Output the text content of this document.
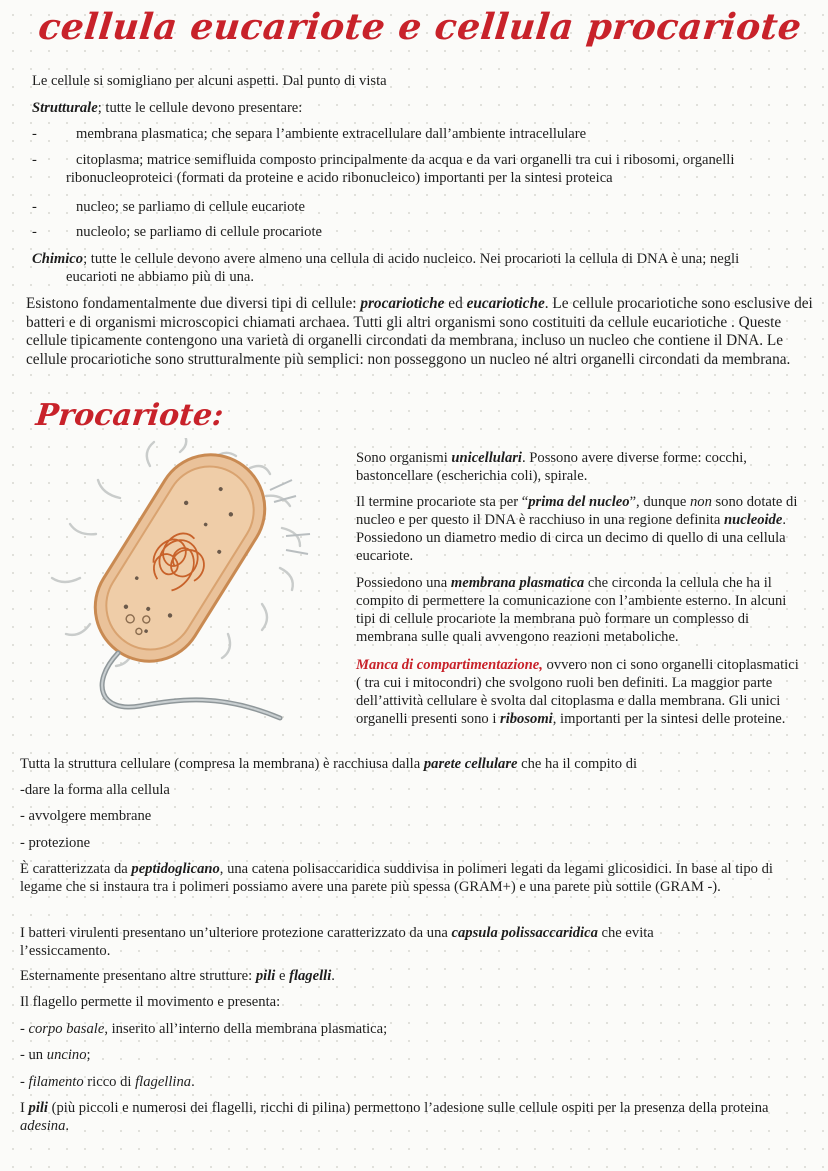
cellula eucariote e cellula procariote

Le cellule si somigliano per alcuni aspetti. Dal punto di vista

Strutturale; tutte le cellule devono presentare:

-	membrana plasmatica; che separa l’ambiente extracellulare dall’ambiente intracellulare

-	citoplasma; matrice semifluida composto principalmente da acqua e da vari organelli tra cui i ribosomi, organelli

ribonucleoproteici (formati da proteine e acido ribonucleico) importanti per la sintesi proteica

-	nucleo; se parliamo di cellule eucariote

-	nucleolo; se parliamo di cellule procariote

Chimico; tutte le cellule devono avere almeno una cellula di acido nucleico. Nei procarioti la cellula di DNA è una; negli

eucarioti ne abbiamo più di una.

Esistono fondamentalmente due diversi tipi di cellule: procariotiche ed eucariotiche. Le cellule procariotiche sono esclusive dei batteri e di organismi microscopici chiamati archaea. Tutti gli altri organismi sono costituiti da cellule eucariotiche . Queste cellule tipicamente contengono una varietà di organelli circondati da membrana, incluso un nucleo che contiene il DNA. Le cellule procariotiche sono strutturalmente più semplici: non posseggono un nucleo né altri organelli circondati da membrana.

Procariote:

Sono organismi unicellulari. Possono avere diverse forme: cocchi, bastoncellare (escherichia coli), spirale.

Il termine procariote sta per “prima del nucleo”, dunque non sono dotate di nucleo e per questo il DNA è racchiuso in una regione definita nucleoide. Possiedono un diametro medio di circa un decimo di quello di una cellula eucariote.

Possiedono una membrana plasmatica che circonda la cellula che ha il compito di permettere la comunicazione con l’ambiente esterno. In alcuni tipi di cellule procariote la membrana può formare un complesso di membrana sulle quali avvengono reazioni metaboliche.

Manca di compartimentazione, ovvero non ci sono organelli citoplasmatici ( tra cui i mitocondri) che svolgono ruoli ben definiti. La maggior parte dell’attività cellulare è svolta dal citoplasma e dalla membrana. Gli unici organelli presenti sono i ribosomi, importanti per la sintesi delle proteine.

Tutta la struttura cellulare (compresa la membrana) è racchiusa dalla parete cellulare che ha il compito di

-dare la forma alla cellula

- avvolgere membrane

- protezione

È caratterizzata da peptidoglicano, una catena polisaccaridica suddivisa in polimeri legati da legami glicosidici. In base al tipo di legame che si instaura tra i polimeri possiamo avere una parete più spessa (GRAM+) e una parete più sottile (GRAM -).

I batteri virulenti presentano un’ulteriore protezione caratterizzato da una capsula polissaccaridica che evita l’essiccamento.

Esternamente presentano altre strutture: pili e flagelli.

Il flagello permette il movimento e presenta:

- corpo basale, inserito all’interno della membrana plasmatica;

- un uncino;

- filamento ricco di flagellina.

I pili (più piccoli e numerosi dei flagelli, ricchi di pilina) permettono l’adesione sulle cellule ospiti per la presenza della proteina adesina.
